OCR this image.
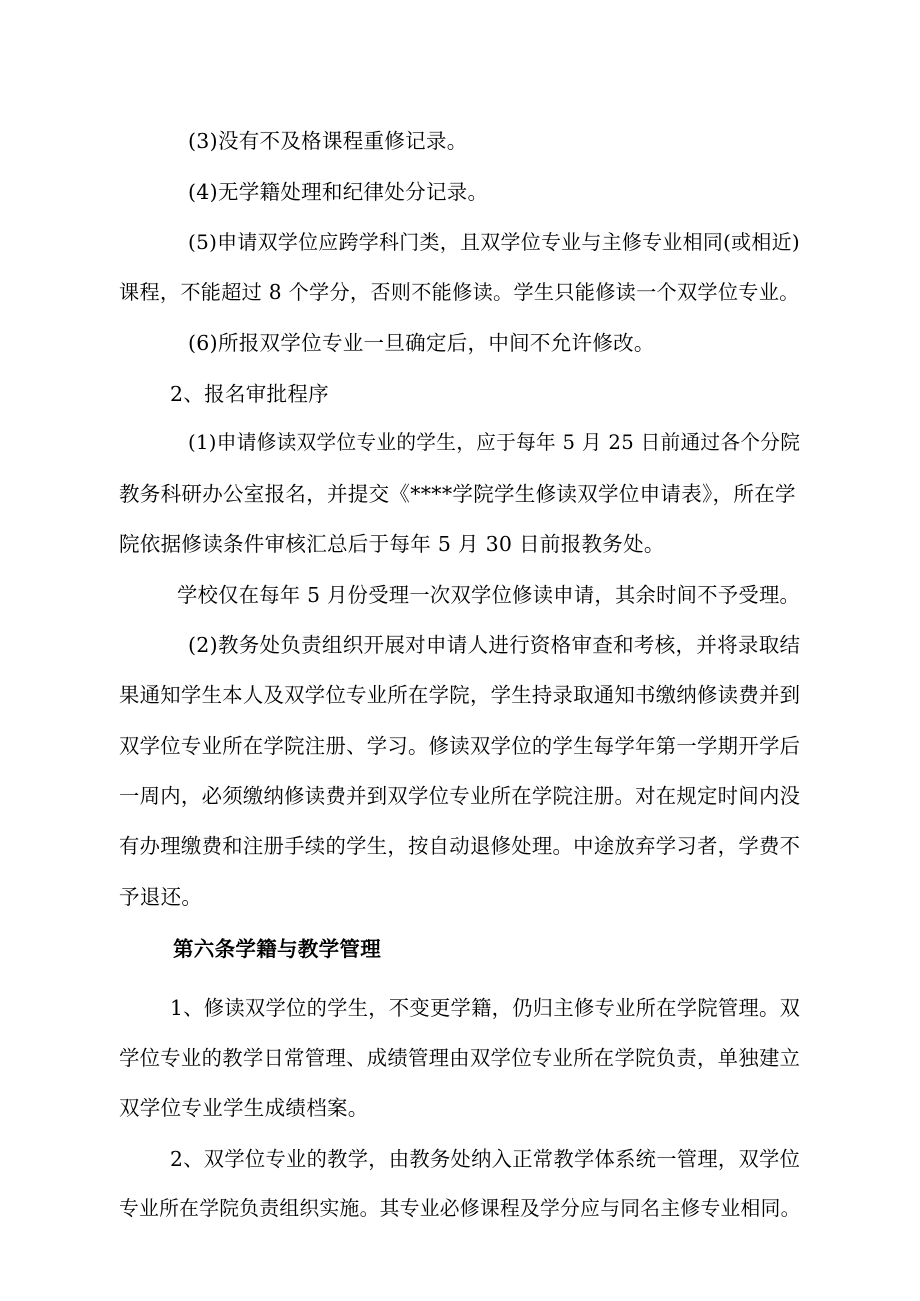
(3)没有不及格课程重修记录。
(4)无学籍处理和纪律处分记录。
(5)申请双学位应跨学科门类，且双学位专业与主修专业相同(或相近)
课程，不能超过 8 个学分，否则不能修读。学生只能修读一个双学位专业。
(6)所报双学位专业一旦确定后，中间不允许修改。
2、报名审批程序
(1)申请修读双学位专业的学生，应于每年 5 月 25 日前通过各个分院
教务科研办公室报名，并提交《****学院学生修读双学位申请表》，所在学
院依据修读条件审核汇总后于每年 5 月 30 日前报教务处。
学校仅在每年 5 月份受理一次双学位修读申请，其余时间不予受理。
(2)教务处负责组织开展对申请人进行资格审查和考核，并将录取结
果通知学生本人及双学位专业所在学院，学生持录取通知书缴纳修读费并到
双学位专业所在学院注册、学习。修读双学位的学生每学年第一学期开学后
一周内，必须缴纳修读费并到双学位专业所在学院注册。对在规定时间内没
有办理缴费和注册手续的学生，按自动退修处理。中途放弃学习者，学费不
予退还。
第六条学籍与教学管理
1、修读双学位的学生，不变更学籍，仍归主修专业所在学院管理。双
学位专业的教学日常管理、成绩管理由双学位专业所在学院负责，单独建立
双学位专业学生成绩档案。
2、双学位专业的教学，由教务处纳入正常教学体系统一管理，双学位
专业所在学院负责组织实施。其专业必修课程及学分应与同名主修专业相同。
